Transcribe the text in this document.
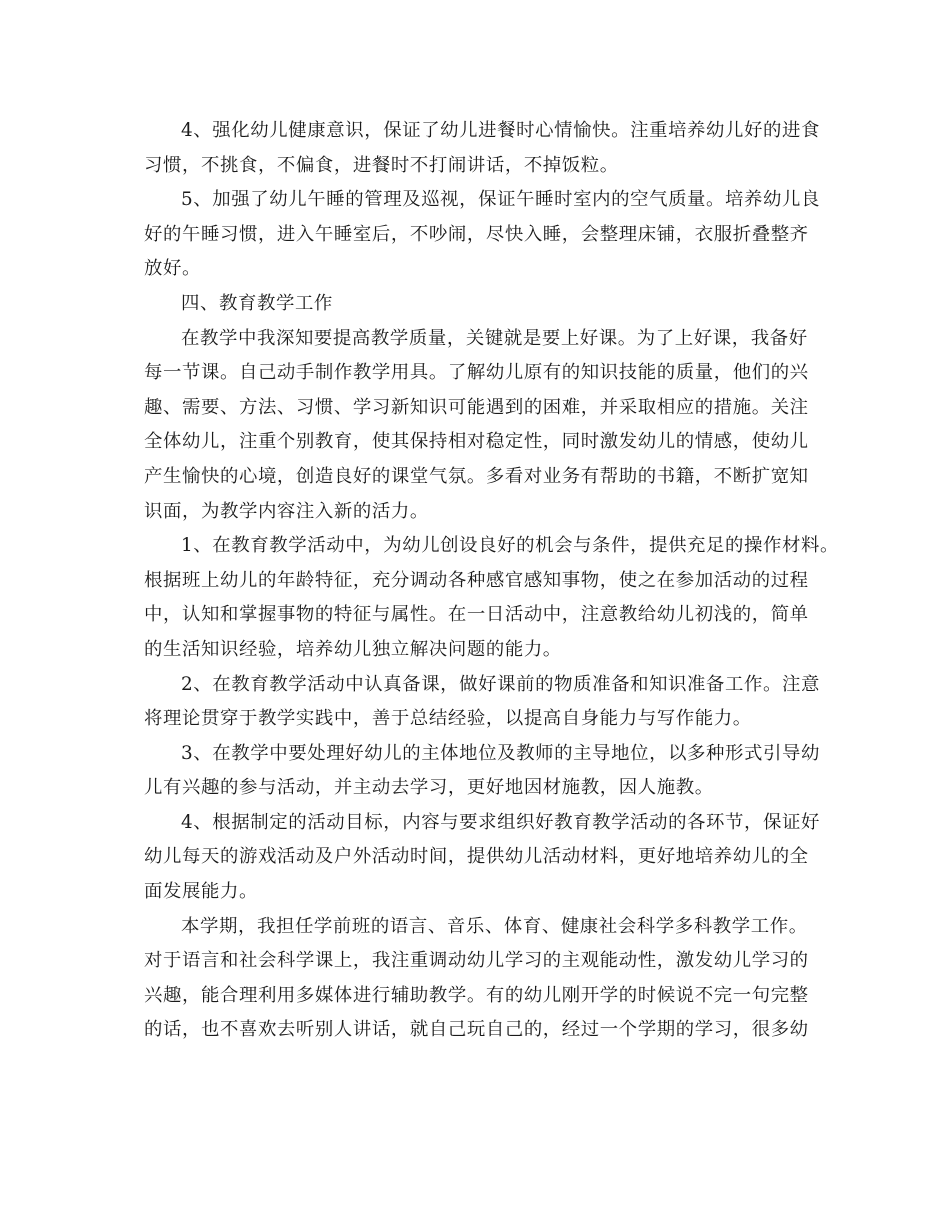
4、强化幼儿健康意识，保证了幼儿进餐时心情愉快。注重培养幼儿好的进食
习惯，不挑食，不偏食，进餐时不打闹讲话，不掉饭粒。
5、加强了幼儿午睡的管理及巡视，保证午睡时室内的空气质量。培养幼儿良
好的午睡习惯，进入午睡室后，不吵闹，尽快入睡，会整理床铺，衣服折叠整齐
放好。
四、教育教学工作
在教学中我深知要提高教学质量，关键就是要上好课。为了上好课，我备好
每一节课。自己动手制作教学用具。了解幼儿原有的知识技能的质量，他们的兴
趣、需要、方法、习惯、学习新知识可能遇到的困难，并采取相应的措施。关注
全体幼儿，注重个别教育，使其保持相对稳定性，同时激发幼儿的情感，使幼儿
产生愉快的心境，创造良好的课堂气氛。多看对业务有帮助的书籍，不断扩宽知
识面，为教学内容注入新的活力。
1、在教育教学活动中，为幼儿创设良好的机会与条件，提供充足的操作材料。
根据班上幼儿的年龄特征，充分调动各种感官感知事物，使之在参加活动的过程
中，认知和掌握事物的特征与属性。在一日活动中，注意教给幼儿初浅的，简单
的生活知识经验，培养幼儿独立解决问题的能力。
2、在教育教学活动中认真备课，做好课前的物质准备和知识准备工作。注意
将理论贯穿于教学实践中，善于总结经验，以提高自身能力与写作能力。
3、在教学中要处理好幼儿的主体地位及教师的主导地位，以多种形式引导幼
儿有兴趣的参与活动，并主动去学习，更好地因材施教，因人施教。
4、根据制定的活动目标，内容与要求组织好教育教学活动的各环节，保证好
幼儿每天的游戏活动及户外活动时间，提供幼儿活动材料，更好地培养幼儿的全
面发展能力。
本学期，我担任学前班的语言、音乐、体育、健康社会科学多科教学工作。
对于语言和社会科学课上，我注重调动幼儿学习的主观能动性，激发幼儿学习的
兴趣，能合理利用多媒体进行辅助教学。有的幼儿刚开学的时候说不完一句完整
的话，也不喜欢去听别人讲话，就自己玩自己的，经过一个学期的学习，很多幼
